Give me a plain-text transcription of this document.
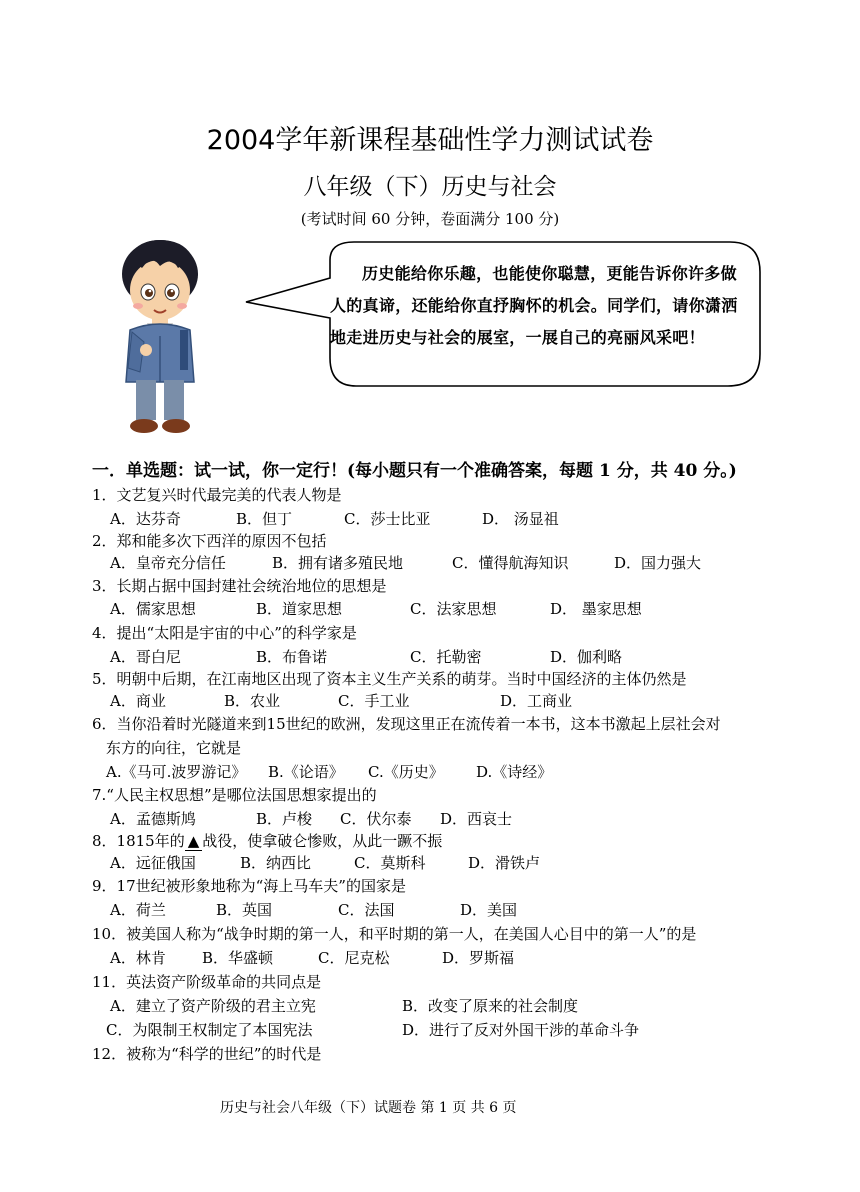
2004学年新课程基础性学力测试试卷
八年级（下）历史与社会
(考试时间 60 分钟，卷面满分 100 分)
历史能给你乐趣，也能使你聪慧，更能告诉你许多做人的真谛，还能给你直抒胸怀的机会。同学们，请你潇洒地走进历史与社会的展室，一展自己的亮丽风采吧！
一．单选题：试一试，你一定行！(每小题只有一个准确答案，每题 1 分，共 40 分。)
1．文艺复兴时代最完美的代表人物是
A．达芬奇	B．但丁	C．莎士比亚	D． 汤显祖
2．郑和能多次下西洋的原因不包括
A．皇帝充分信任	B．拥有诸多殖民地	C．懂得航海知识	D．国力强大
3．长期占据中国封建社会统治地位的思想是
A．儒家思想	B．道家思想	C．法家思想	D． 墨家思想
4．提出“太阳是宇宙的中心”的科学家是
A．哥白尼	B．布鲁诺	C．托勒密	D．伽利略
5．明朝中后期，在江南地区出现了资本主义生产关系的萌芽。当时中国经济的主体仍然是
A．商业	B．农业	C．手工业	D．工商业
6．当你沿着时光隧道来到15世纪的欧洲，发现这里正在流传着一本书，这本书激起上层社会对
东方的向往，它就是
A.《马可.波罗游记》 B.《论语》 C.《历史》 D.《诗经》
7.“人民主权思想”是哪位法国思想家提出的
A．孟德斯鸠	B．卢梭 C．伏尔泰 D．西哀士
8．1815年的 ▲ 战役，使拿破仑惨败，从此一蹶不振
A．远征俄国	B．纳西比	C．莫斯科	D．滑铁卢
9．17世纪被形象地称为“海上马车夫”的国家是
A．荷兰	B．英国	C．法国	D．美国
10．被美国人称为“战争时期的第一人，和平时期的第一人，在美国人心目中的第一人”的是
A．林肯 B．华盛顿	C．尼克松	D．罗斯福
11．英法资产阶级革命的共同点是
A．建立了资产阶级的君主立宪	B．改变了原来的社会制度
C．为限制王权制定了本国宪法	D．进行了反对外国干涉的革命斗争
12．被称为“科学的世纪”的时代是
历史与社会八年级（下）试题卷 第 1 页 共 6 页
